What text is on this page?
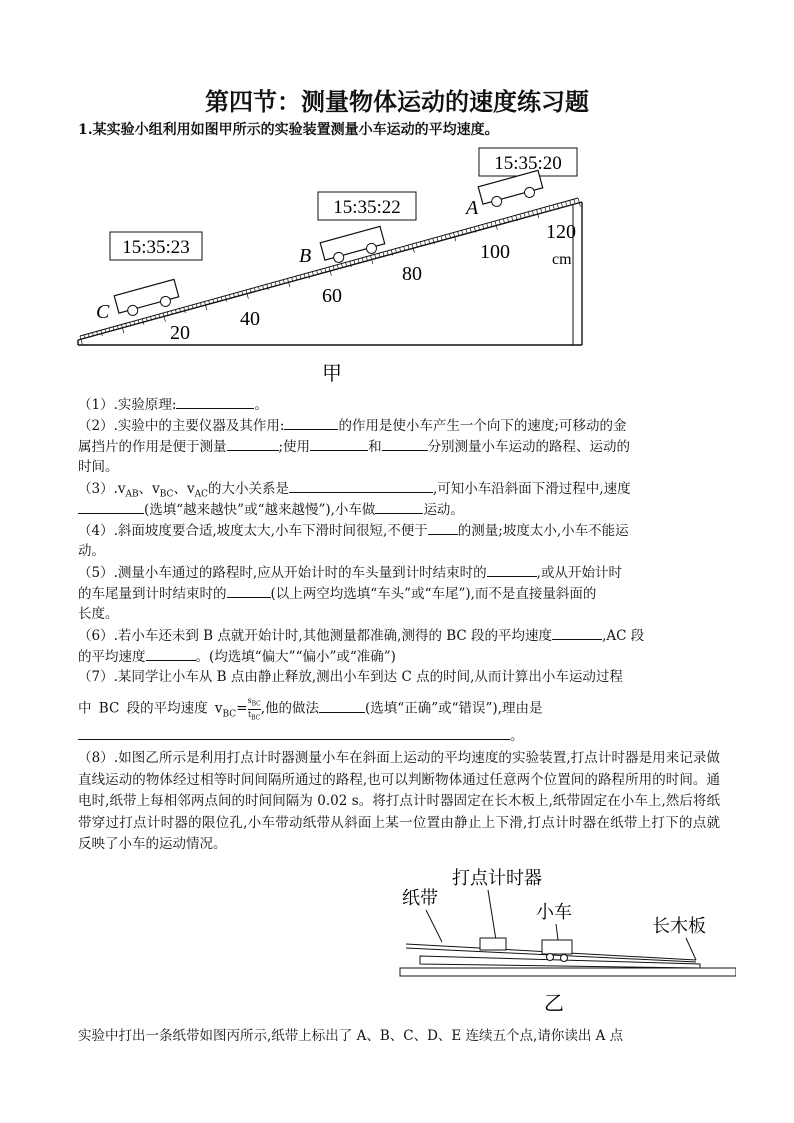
第四节：测量物体运动的速度练习题
1.某实验小组利用如图甲所示的实验装置测量小车运动的平均速度。
15:35:20
15:35:22
15:35:23
A
B
C
20
40
60
80
100
120
cm
甲
（1）.实验原理:	。
（2）.实验中的主要仪器及其作用:	的作用是使小车产生一个向下的速度;可移动的金
属挡片的作用是便于测量	;使用	和	分别测量小车运动的路程、运动的
时间。
$(3).v_{AB}$、$v_{BC}$、$v_{AC}$的大小关系是	,可知小车沿斜面下滑过程中,速度
(选填“越来越快”或“越来越慢”),小车做	运动。
（4）.斜面坡度要合适,坡度太大,小车下滑时间很短,不便于 的测量;坡度太小,小车不能运
动。
（5）.测量小车通过的路程时,应从开始计时的车头量到计时结束时的	,或从开始计时
的车尾量到计时结束时的	(以上两空均选填“车头”或“车尾”),而不是直接量斜面的
长度。
（6）.若小车还未到 B 点就开始计时,其他测量都准确,测得的 BC 段的平均速度	,AC 段
的平均速度	。(均选填“偏大”“偏小”或“准确”)
（7）.某同学让小车从 B 点由静止释放,测出小车到达 C 点的时间,从而计算出小车运动过程
中 BC 段的平均速度 $v_{BC}= \frac{s_{BC}}{t_{BC}}$ ,他的做法	(选填“正确”或“错误”),理由是
。
（8）.如图乙所示是利用打点计时器测量小车在斜面上运动的平均速度的实验装置,打点计时器是用来记录做直线运动的物体经过相等时间间隔所通过的路程,也可以判断物体通过任意两个位置间的路程所用的时间。通电时,纸带上每相邻两点间的时间间隔为 0.02 s。将打点计时器固定在长木板上,纸带固定在小车上,然后将纸带穿过打点计时器的限位孔,小车带动纸带从斜面上某一位置由静止上下滑,打点计时器在纸带上打下的点就反映了小车的运动情况。
打点计时器
纸带
小车
长木板
乙
实验中打出一条纸带如图丙所示,纸带上标出了 A、B、C、D、E 连续五个点,请你读出 A 点
